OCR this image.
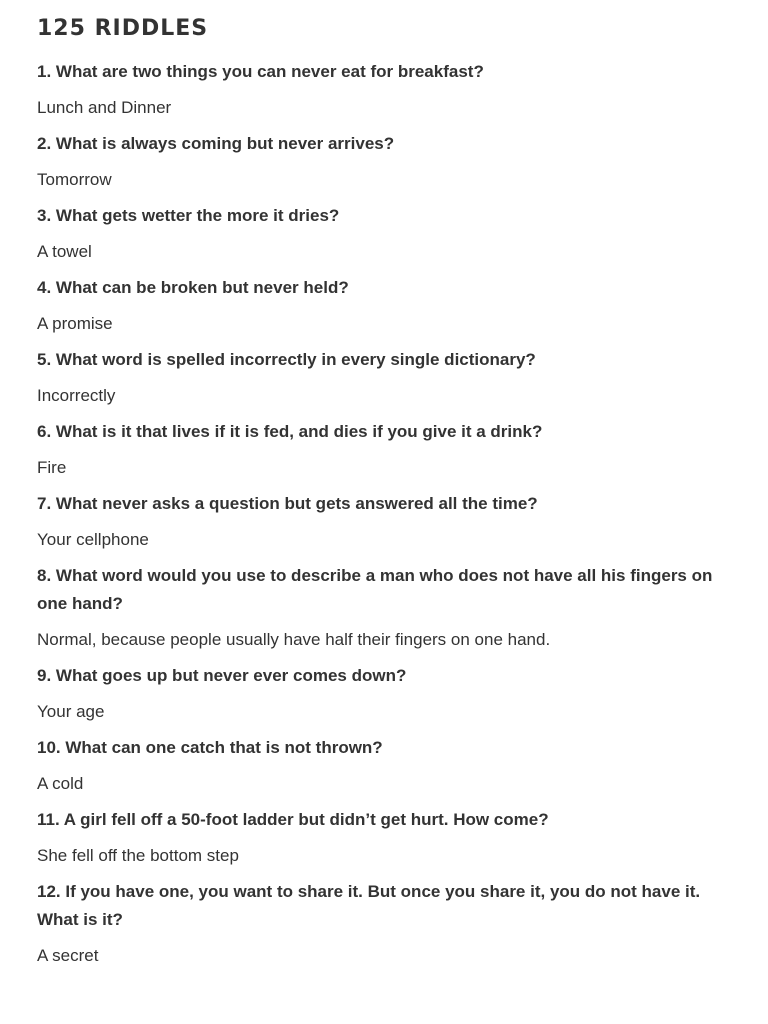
125 RIDDLES

1. What are two things you can never eat for breakfast?

Lunch and Dinner

2. What is always coming but never arrives?

Tomorrow

3. What gets wetter the more it dries?

A towel

4. What can be broken but never held?

A promise

5. What word is spelled incorrectly in every single dictionary?

Incorrectly

6. What is it that lives if it is fed, and dies if you give it a drink?

Fire

7. What never asks a question but gets answered all the time?

Your cellphone

8. What word would you use to describe a man who does not have all his fingers on one hand?

Normal, because people usually have half their fingers on one hand.

9. What goes up but never ever comes down?

Your age

10. What can one catch that is not thrown?

A cold

11. A girl fell off a 50-foot ladder but didn’t get hurt. How come?

She fell off the bottom step

12. If you have one, you want to share it. But once you share it, you do not have it. What is it?

A secret
